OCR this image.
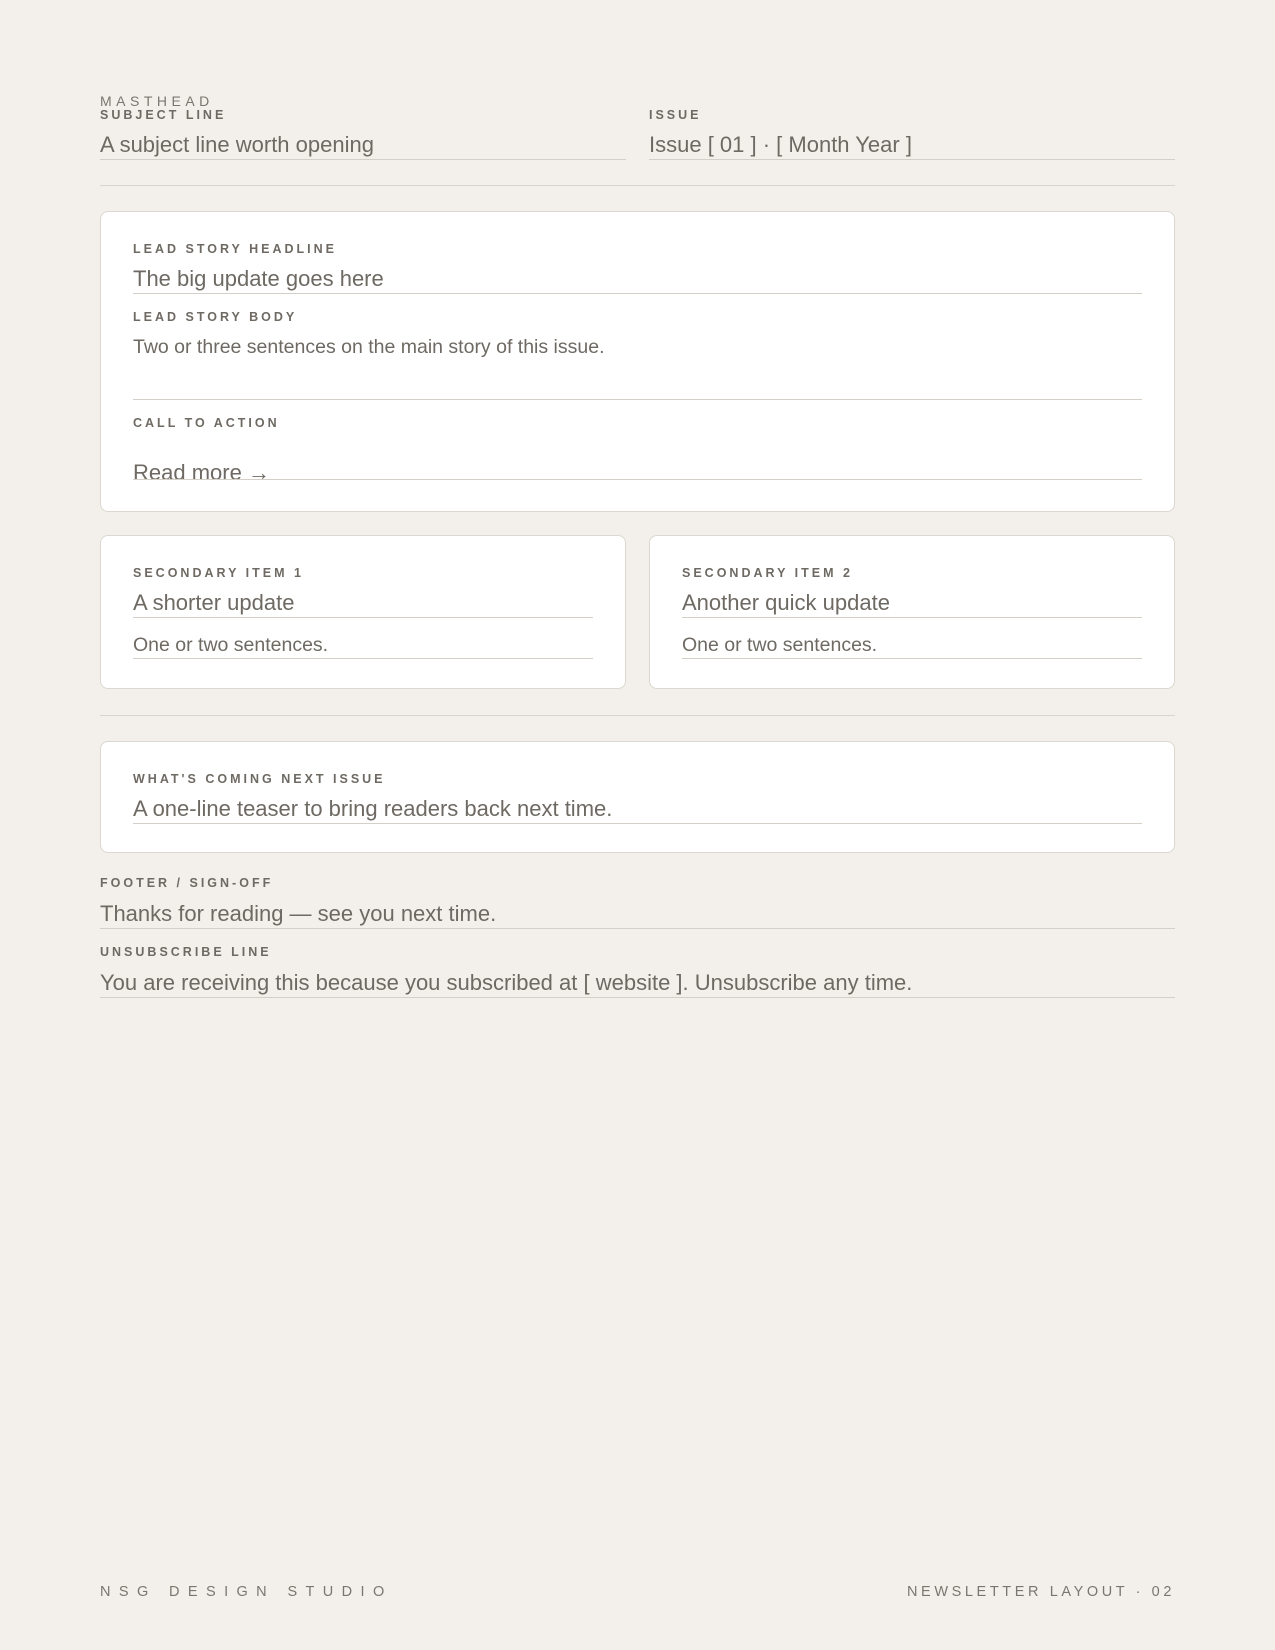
MASTHEAD
SUBJECT LINE
A subject line worth opening
ISSUE
Issue [ 01 ] · [ Month Year ]
LEAD STORY HEADLINE
The big update goes here
LEAD STORY BODY
Two or three sentences on the main story of this issue.
CALL TO ACTION
Read more →
SECONDARY ITEM 1
A shorter update
One or two sentences.
SECONDARY ITEM 2
Another quick update
One or two sentences.
WHAT'S COMING NEXT ISSUE
A one-line teaser to bring readers back next time.
FOOTER / SIGN-OFF
Thanks for reading — see you next time.
UNSUBSCRIBE LINE
You are receiving this because you subscribed at [ website ]. Unsubscribe any time.
NSG DESIGN STUDIO	NEWSLETTER LAYOUT · 02
